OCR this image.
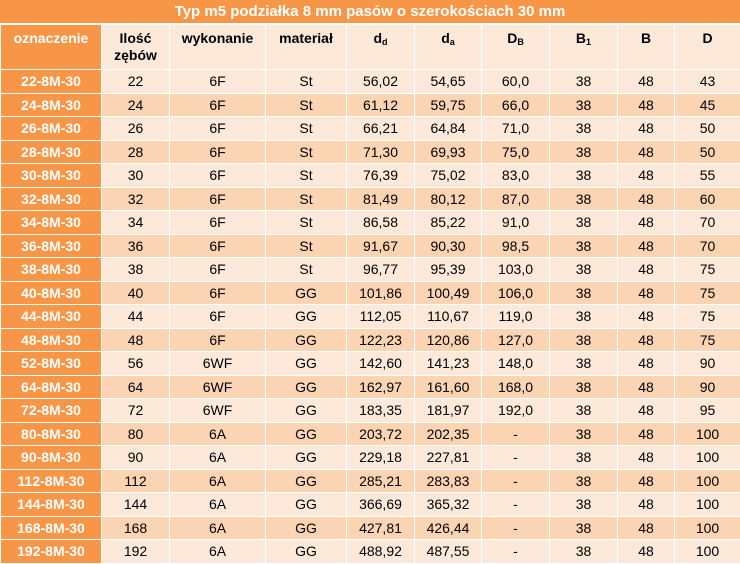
Typ m5 podziałka 8 mm pasów o szerokościach 30 mm
oznaczenie	Ilość
zębów	wykonanie	materiał	$d_d$	$d_a$	$D_B$	$B_1$	B	D
22-8M-30	22	6F	St	56,02	54,65	60,0	38	48	43
24-8M-30	24	6F	St	61,12	59,75	66,0	38	48	45
26-8M-30	26	6F	St	66,21	64,84	71,0	38	48	50
28-8M-30	28	6F	St	71,30	69,93	75,0	38	48	50
30-8M-30	30	6F	St	76,39	75,02	83,0	38	48	55
32-8M-30	32	6F	St	81,49	80,12	87,0	38	48	60
34-8M-30	34	6F	St	86,58	85,22	91,0	38	48	70
36-8M-30	36	6F	St	91,67	90,30	98,5	38	48	70
38-8M-30	38	6F	St	96,77	95,39	103,0	38	48	75
40-8M-30	40	6F	GG	101,86	100,49	106,0	38	48	75
44-8M-30	44	6F	GG	112,05	110,67	119,0	38	48	75
48-8M-30	48	6F	GG	122,23	120,86	127,0	38	48	75
52-8M-30	56	6WF	GG	142,60	141,23	148,0	38	48	90
64-8M-30	64	6WF	GG	162,97	161,60	168,0	38	48	90
72-8M-30	72	6WF	GG	183,35	181,97	192,0	38	48	95
80-8M-30	80	6A	GG	203,72	202,35	-	38	48	100
90-8M-30	90	6A	GG	229,18	227,81	-	38	48	100
112-8M-30	112	6A	GG	285,21	283,83	-	38	48	100
144-8M-30	144	6A	GG	366,69	365,32	-	38	48	100
168-8M-30	168	6A	GG	427,81	426,44	-	38	48	100
192-8M-30	192	6A	GG	488,92	487,55	-	38	48	100
